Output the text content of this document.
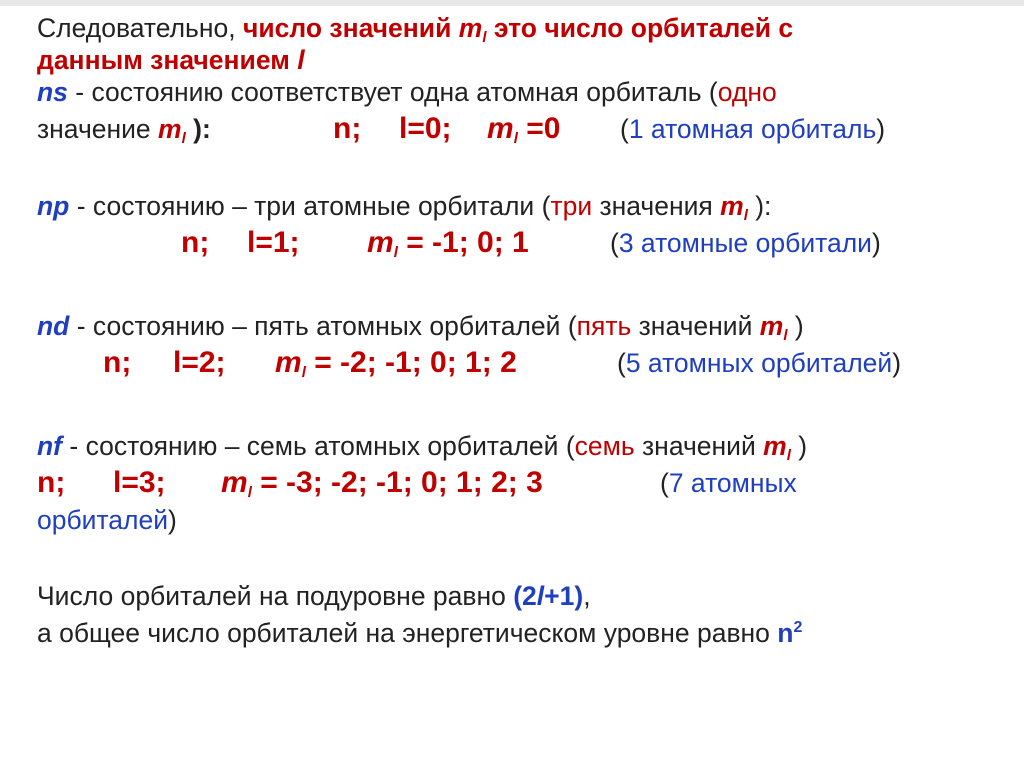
Следовательно, число значений $m_l$ это число орбиталей с
данным значением l
ns - состоянию соответствует одна атомная орбиталь (одно
значение $m_l$ ):	n; l=0; $m_l =0$ (1 атомная орбиталь)
np - состоянию – три атомные орбитали (три значения $m_l$ ):
n; l=1; $m_l = -1$; 0; 1	(3 атомные орбитали)
nd - состоянию – пять атомных орбиталей (пять значений $m_l$ )
n; l=2; $m_l = -2$; -1; 0; 1; 2	(5 атомных орбиталей)
nf - состоянию – семь атомных орбиталей (семь значений $m_l$ )
n; l=3; $m_l = -3$; -2; -1; 0; 1; 2; 3	(7 атомных
орбиталей)
Число орбиталей на подуровне равно (2l+1),
а общее число орбиталей на энергетическом уровне равно $n^2$
